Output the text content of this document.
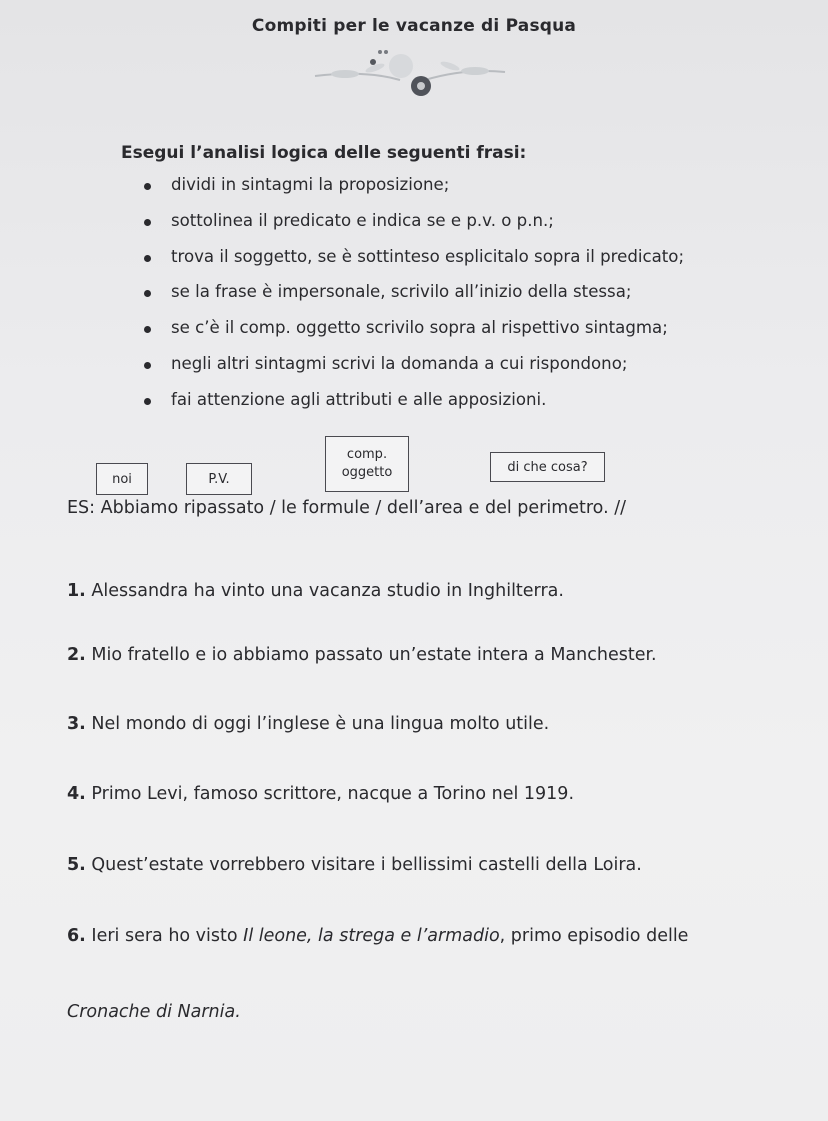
Compiti per le vacanze di Pasqua
Esegui l’analisi logica delle seguenti frasi:
dividi in sintagmi la proposizione;
sottolinea il predicato e indica se e p.v. o p.n.;
trova il soggetto, se è sottinteso esplicitalo sopra il predicato;
se la frase è impersonale, scrivilo all’inizio della stessa;
se c’è il comp. oggetto scrivilo sopra al rispettivo sintagma;
negli altri sintagmi scrivi la domanda a cui rispondono;
fai attenzione agli attributi e alle apposizioni.
noi	P.V.
comp.
oggetto	di che cosa?
ES: Abbiamo ripassato / le formule / dell’area e del perimetro. //
1. Alessandra ha vinto una vacanza studio in Inghilterra.
2. Mio fratello e io abbiamo passato un’estate intera a Manchester.
3. Nel mondo di oggi l’inglese è una lingua molto utile.
4. Primo Levi, famoso scrittore, nacque a Torino nel 1919.
5. Quest’estate vorrebbero visitare i bellissimi castelli della Loira.
6. Ieri sera ho visto Il leone, la strega e l’armadio, primo episodio delle
Cronache di Narnia.
